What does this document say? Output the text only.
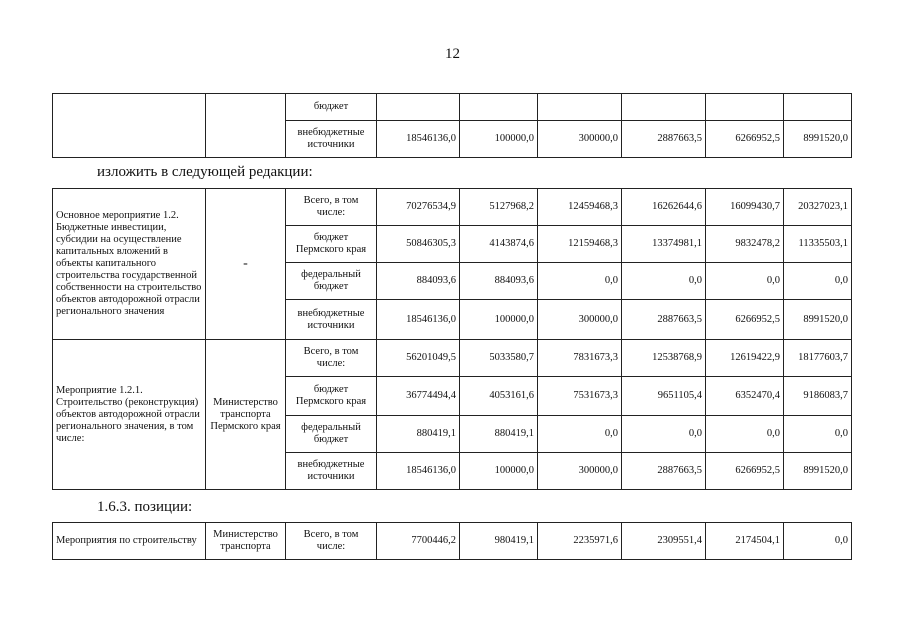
12
		бюджет						
		внебюджетные источники	18546136,0	100000,0	300000,0	2887663,5	6266952,5	8991520,0
изложить в следующей редакции:
Основное мероприятие 1.2. Бюджетные инвестиции, субсидии на осуществление капитальных вложений в объекты капитального строительства государственной собственности на строительство объектов автодорожной отрасли регионального значения	-	Всего, в том числе:	70276534,9	5127968,2	12459468,3	16262644,6	16099430,7	20327023,1
		бюджет Пермского края	50846305,3	4143874,6	12159468,3	13374981,1	9832478,2	11335503,1
		федеральный бюджет	884093,6	884093,6	0,0	0,0	0,0	0,0
		внебюджетные источники	18546136,0	100000,0	300000,0	2887663,5	6266952,5	8991520,0
Мероприятие 1.2.1. Строительство (реконструкция) объектов автодорожной отрасли регионального значения, в том числе:	Министерство транспорта Пермского края	Всего, в том числе:	56201049,5	5033580,7	7831673,3	12538768,9	12619422,9	18177603,7
		бюджет Пермского края	36774494,4	4053161,6	7531673,3	9651105,4	6352470,4	9186083,7
		федеральный бюджет	880419,1	880419,1	0,0	0,0	0,0	0,0
		внебюджетные источники	18546136,0	100000,0	300000,0	2887663,5	6266952,5	8991520,0
1.6.3. позиции:
Мероприятия по строительству	Министерство транспорта	Всего, в том числе:	7700446,2	980419,1	2235971,6	2309551,4	2174504,1	0,0
